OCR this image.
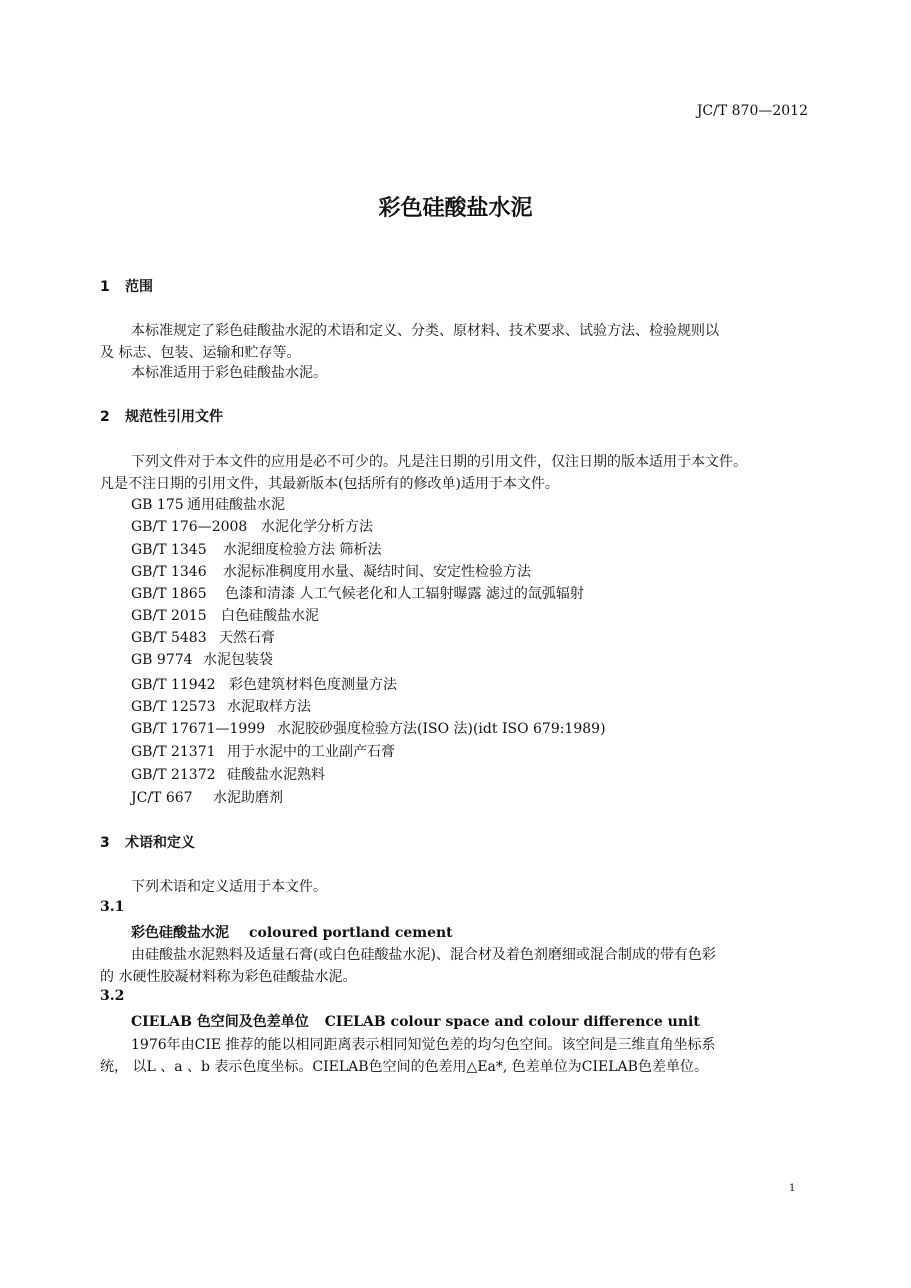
JC/T 870—2012
彩色硅酸盐水泥
1 范围
本标准规定了彩色硅酸盐水泥的术语和定义、分类、原材料、技术要求、试验方法、检验规则以
及 标志、包装、运输和贮存等。
本标准适用于彩色硅酸盐水泥。
2 规范性引用文件
下列文件对于本文件的应用是必不可少的。凡是注日期的引用文件，仅注日期的版本适用于本文件。
凡是不注日期的引用文件，其最新版本(包括所有的修改单)适用于本文件。
GB 175 通用硅酸盐水泥
GB/T 176—2008 水泥化学分析方法
GB/T 1345 水泥细度检验方法 筛析法
GB/T 1346 水泥标准稠度用水量、凝结时间、安定性检验方法
GB/T 1865 色漆和清漆 人工气候老化和人工辐射曝露 滤过的氙弧辐射
GB/T 2015 白色硅酸盐水泥
GB/T 5483 天然石膏
GB 9774 水泥包装袋
GB/T 11942 彩色建筑材料色度测量方法
GB/T 12573 水泥取样方法
GB/T 17671—1999 水泥胶砂强度检验方法(ISO 法)(idt ISO 679:1989)
GB/T 21371 用于水泥中的工业副产石膏
GB/T 21372 硅酸盐水泥熟料
JC/T 667 水泥助磨剂
3 术语和定义
下列术语和定义适用于本文件。
3.1
彩色硅酸盐水泥 coloured portland cement
由硅酸盐水泥熟料及适量石膏(或白色硅酸盐水泥)、混合材及着色剂磨细或混合制成的带有色彩
的 水硬性胶凝材料称为彩色硅酸盐水泥。
3.2
CIELAB 色空间及色差单位 CIELAB colour space and colour difference unit
1976年由CIE 推荐的能以相同距离表示相同知觉色差的均匀色空间。该空间是三维直角坐标系
统， 以L 、a 、b 表示色度坐标。CIELAB色空间的色差用△Ea*, 色差单位为CIELAB色差单位。
1
